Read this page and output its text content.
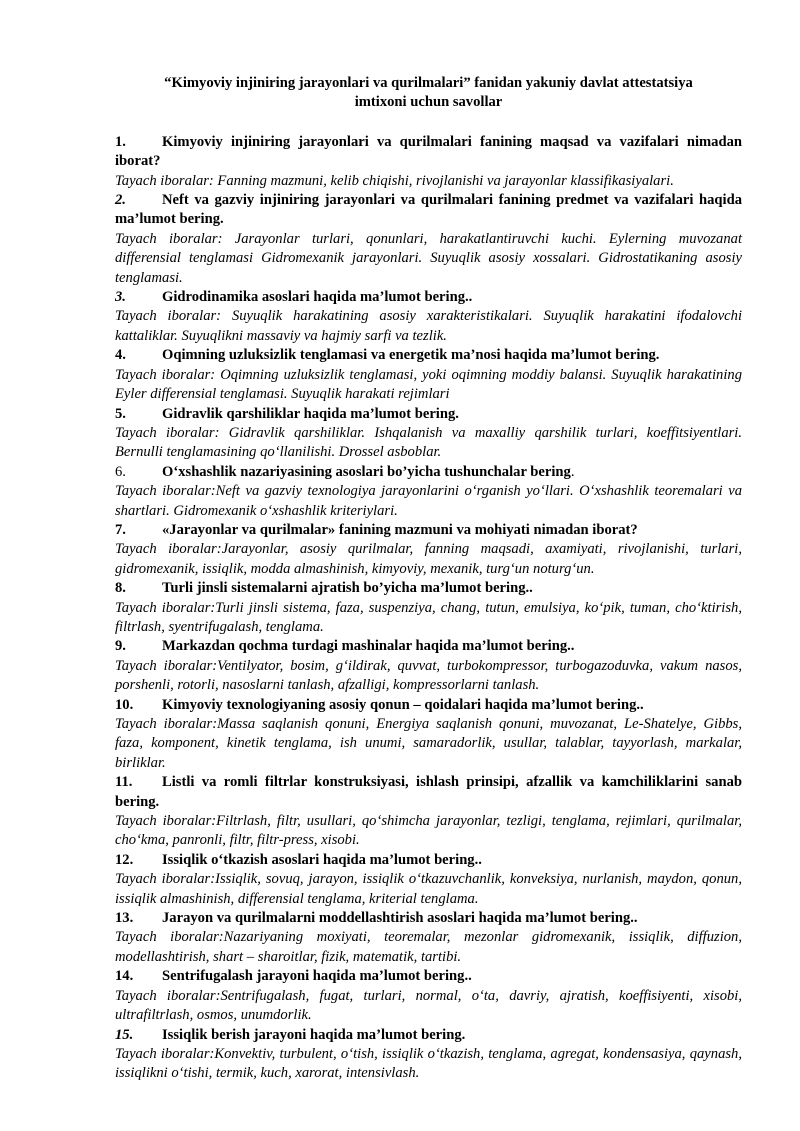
“Kimyoviy injiniring jarayonlari va qurilmalari” fanidan yakuniy davlat attestatsiya
imtixoni uchun savollar
1. Kimyoviy injiniring jarayonlari va qurilmalari fanining maqsad va vazifalari nimadan iborat?
Tayach iboralar: Fanning mazmuni, kelib chiqishi, rivojlanishi va jarayonlar klassifikasiyalari.
2. Neft va gazviy injiniring jarayonlari va qurilmalari fanining predmet va vazifalari haqida ma’lumot bering.
Tayach iboralar: Jarayonlar turlari, qonunlari, harakatlantiruvchi kuchi. Eylerning muvozanat differensial tenglamasi Gidromexanik jarayonlari. Suyuqlik asosiy xossalari. Gidrostatikaning asosiy tenglamasi.
3. Gidrodinamika asoslari haqida ma’lumot bering..
Tayach iboralar: Suyuqlik harakatining asosiy xarakteristikalari. Suyuqlik harakatini ifodalovchi kattaliklar. Suyuqlikni massaviy va hajmiy sarfi va tezlik.
4. Oqimning uzluksizlik tenglamasi va energetik ma’nosi haqida ma’lumot bering.
Tayach iboralar: Oqimning uzluksizlik tenglamasi, yoki oqimning moddiy balansi. Suyuqlik harakatining Eyler differensial tenglamasi. Suyuqlik harakati rejimlari
5. Gidravlik qarshiliklar haqida ma’lumot bering.
Tayach iboralar: Gidravlik qarshiliklar. Ishqalanish va maxalliy qarshilik turlari, koeffitsiyentlari. Bernulli tenglamasining qo‘llanilishi. Drossel asboblar.
6. O‘xshashlik nazariyasining asoslari bo’yicha tushunchalar bering.
Tayach iboralar:Neft va gazviy texnologiya jarayonlarini o‘rganish yo‘llari. O‘xshashlik teoremalari va shartlari. Gidromexanik o‘xshashlik kriteriylari.
7. «Jarayonlar va qurilmalar» fanining mazmuni va mohiyati nimadan iborat?
Tayach iboralar:Jarayonlar, asosiy qurilmalar, fanning maqsadi, axamiyati, rivojlanishi, turlari, gidromexanik, issiqlik, modda almashinish, kimyoviy, mexanik, turg‘un noturg‘un.
8. Turli jinsli sistemalarni ajratish bo’yicha ma’lumot bering..
Tayach iboralar:Turli jinsli sistema, faza, suspenziya, chang, tutun, emulsiya, ko‘pik, tuman, cho‘ktirish, filtrlash, syentrifugalash, tenglama.
9. Markazdan qochma turdagi mashinalar haqida ma’lumot bering..
Tayach iboralar:Ventilyator, bosim, g‘ildirak, quvvat, turbokompressor, turbogazoduvka, vakum nasos, porshenli, rotorli, nasoslarni tanlash, afzalligi, kompressorlarni tanlash.
10. Kimyoviy texnologiyaning asosiy qonun – qoidalari haqida ma’lumot bering..
Tayach iboralar:Massa saqlanish qonuni, Energiya saqlanish qonuni, muvozanat, Le-Shatelye, Gibbs, faza, komponent, kinetik tenglama, ish unumi, samaradorlik, usullar, talablar, tayyorlash, markalar, birliklar.
11. Listli va romli filtrlar konstruksiyasi, ishlash prinsipi, afzallik va kamchiliklarini sanab bering.
Tayach iboralar:Filtrlash, filtr, usullari, qo‘shimcha jarayonlar, tezligi, tenglama, rejimlari, qurilmalar, cho‘kma, panronli, filtr, filtr-press, xisobi.
12. Issiqlik o‘tkazish asoslari haqida ma’lumot bering..
Tayach iboralar:Issiqlik, sovuq, jarayon, issiqlik o‘tkazuvchanlik, konveksiya, nurlanish, maydon, qonun, issiqlik almashinish, differensial tenglama, kriterial tenglama.
13. Jarayon va qurilmalarni moddellashtirish asoslari haqida ma’lumot bering..
Tayach iboralar:Nazariyaning moxiyati, teoremalar, mezonlar gidromexanik, issiqlik, diffuzion, modellashtirish, shart – sharoitlar, fizik, matematik, tartibi.
14. Sentrifugalash jarayoni haqida ma’lumot bering..
Tayach iboralar:Sentrifugalash, fugat, turlari, normal, o‘ta, davriy, ajratish, koeffisiyenti, xisobi, ultrafiltrlash, osmos, unumdorlik.
15. Issiqlik berish jarayoni haqida ma’lumot bering.
Tayach iboralar:Konvektiv, turbulent, o‘tish, issiqlik o‘tkazish, tenglama, agregat, kondensasiya, qaynash, issiqlikni o‘tishi, termik, kuch, xarorat, intensivlash.
